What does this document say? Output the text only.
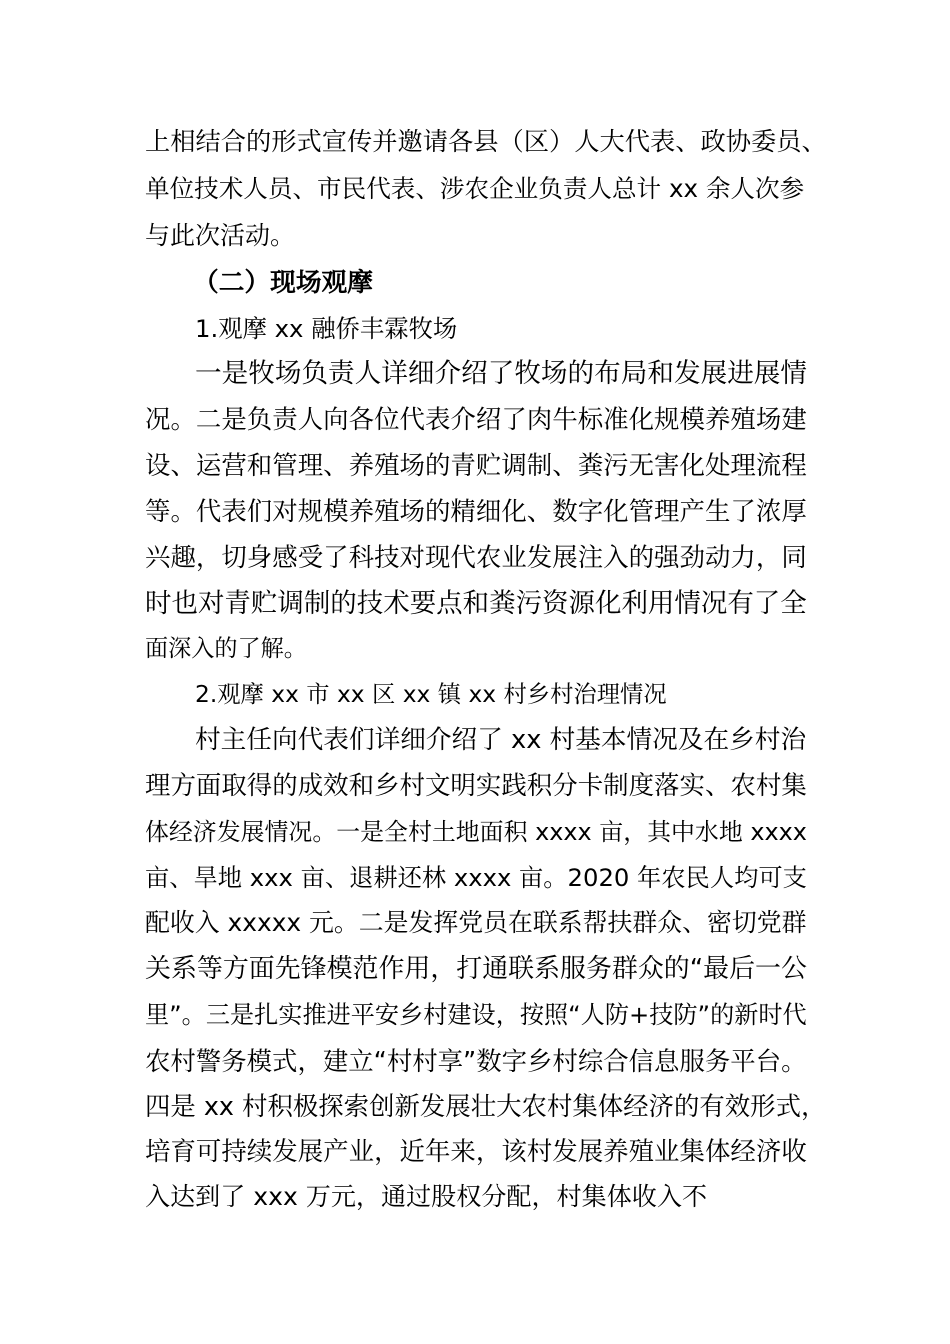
上相结合的形式宣传并邀请各县（区）人大代表、政协委员、
单位技术人员、市民代表、涉农企业负责人总计 xx 余人次参
与此次活动。
（二）现场观摩
1.观摩 xx 融侨丰霖牧场
一是牧场负责人详细介绍了牧场的布局和发展进展情
况。二是负责人向各位代表介绍了肉牛标准化规模养殖场建
设、运营和管理、养殖场的青贮调制、粪污无害化处理流程
等。代表们对规模养殖场的精细化、数字化管理产生了浓厚
兴趣，切身感受了科技对现代农业发展注入的强劲动力，同
时也对青贮调制的技术要点和粪污资源化利用情况有了全
面深入的了解。
2.观摩 xx 市 xx 区 xx 镇 xx 村乡村治理情况
村主任向代表们详细介绍了 xx 村基本情况及在乡村治
理方面取得的成效和乡村文明实践积分卡制度落实、农村集
体经济发展情况。一是全村土地面积 xxxx 亩，其中水地 xxxx
亩、旱地 xxx 亩、退耕还林 xxxx 亩。2020 年农民人均可支
配收入 xxxxx 元。二是发挥党员在联系帮扶群众、密切党群
关系等方面先锋模范作用，打通联系服务群众的“最后一公
里”。三是扎实推进平安乡村建设，按照“人防+技防”的新时代
农村警务模式，建立“村村享”数字乡村综合信息服务平台。
四是 xx 村积极探索创新发展壮大农村集体经济的有效形式，
培育可持续发展产业，近年来，该村发展养殖业集体经济收
入达到了 xxx 万元，通过股权分配，村集体收入不
